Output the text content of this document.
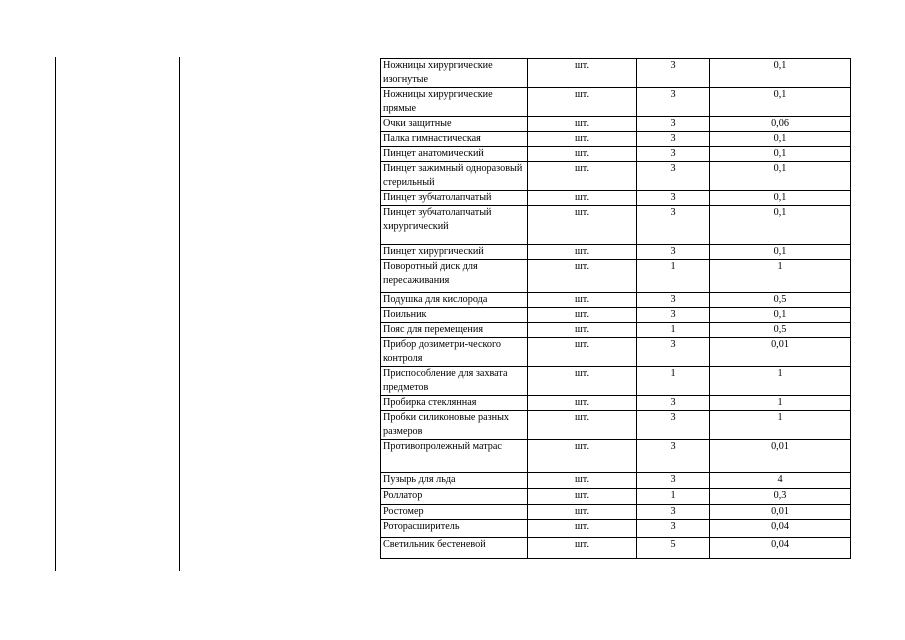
Ножницы хирургические изогнутые	шт.	3	0,1
Ножницы хирургические прямые	шт.	3	0,1
Очки защитные	шт.	3	0,06
Палка гимнастическая	шт.	3	0,1
Пинцет анатомический	шт.	3	0,1
Пинцет зажимный одноразовый стерильный	шт.	3	0,1
Пинцет зубчатолапчатый	шт.	3	0,1
Пинцет зубчатолапчатый хирургический	шт.	3	0,1
Пинцет хирургический	шт.	3	0,1
Поворотный диск для пересаживания	шт.	1	1
Подушка для кислорода	шт.	3	0,5
Поильник	шт.	3	0,1
Пояс для перемещения	шт.	1	0,5
Прибор дозиметри-ческого контроля	шт.	3	0,01
Приспособление для захвата предметов	шт.	1	1
Пробирка стеклянная	шт.	3	1
Пробки силиконовые разных размеров	шт.	3	1
Противопролежный матрас	шт.	3	0,01
Пузырь для льда	шт.	3	4
Роллатор	шт.	1	0,3
Ростомер	шт.	3	0,01
Роторасширитель	шт.	3	0,04
Светильник бестеневой	шт.	5	0,04
